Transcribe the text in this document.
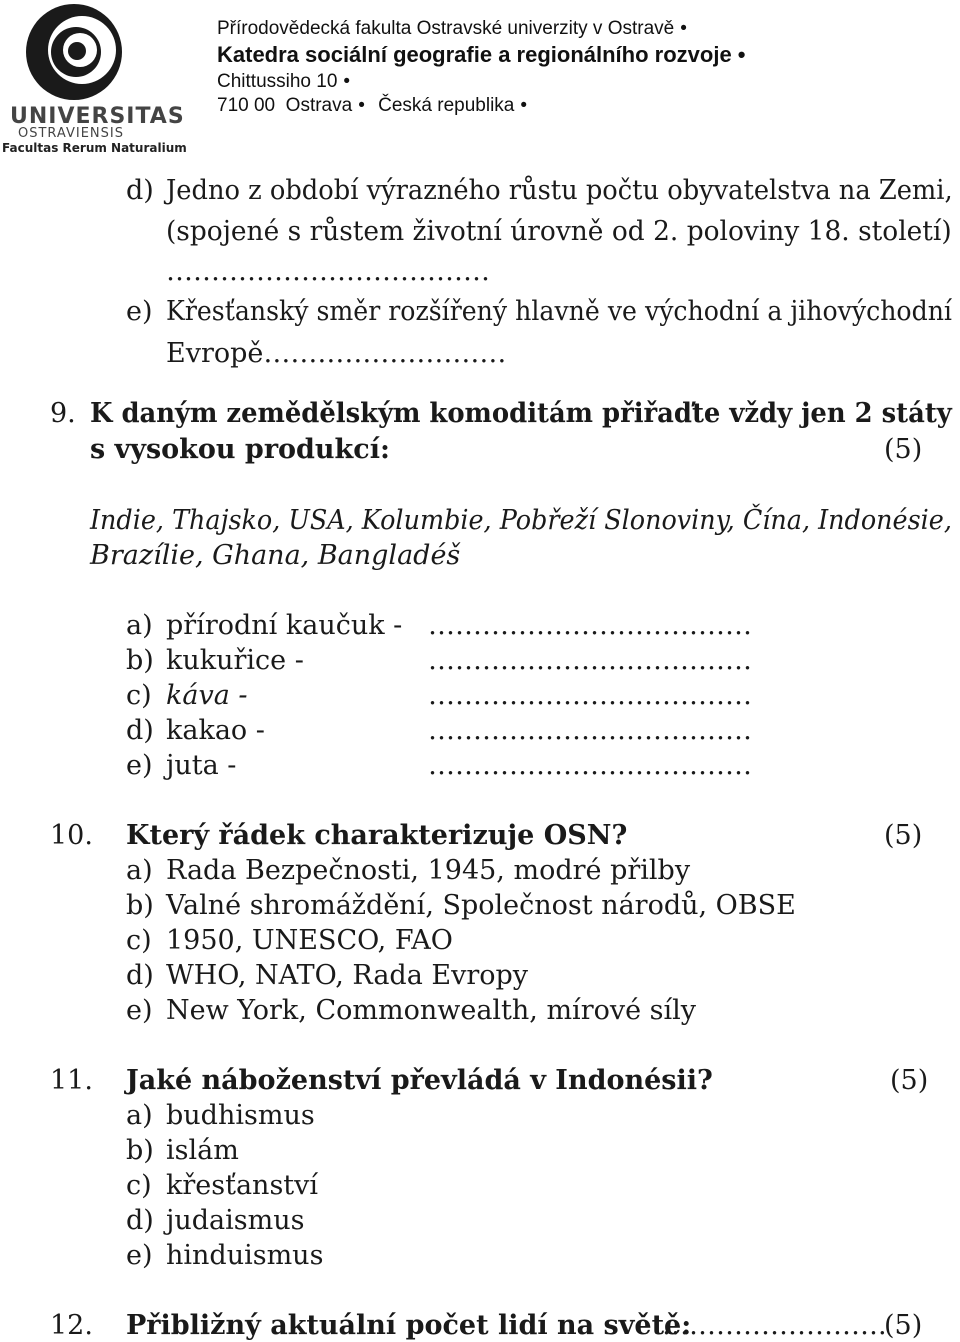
UNIVERSITAS
OSTRAVIENSIS
Facultas Rerum Naturalium
Přírodovědecká fakulta Ostravské univerzity v Ostravě •
Katedra sociální geografie a regionálního rozvoje •
Chittussiho 10 •
710 00  Ostrava • Česká republika •
d) Jedno z období výrazného růstu počtu obyvatelstva na Zemi,
(spojené s růstem životní úrovně od 2. poloviny 18. století)
………………………………
e) Křesťanský směr rozšířený hlavně ve východní a jihovýchodní
Evropě………………………
9. K daným zemědělským komoditám přiřaďte vždy jen 2 státy
s vysokou produkcí:	(5)
Indie, Thajsko, USA, Kolumbie, Pobřeží Slonoviny, Čína, Indonésie,
Brazílie, Ghana, Bangladéš
a) přírodní kaučuk - ………………………………
b) kukuřice -	………………………………
c) káva -	………………………………
d) kakao -	………………………………
e) juta -	………………………………
10. Který řádek charakterizuje OSN?	(5)
a) Rada Bezpečnosti, 1945, modré přilby
b) Valné shromáždění, Společnost národů, OBSE
c) 1950, UNESCO, FAO
d) WHO, NATO, Rada Evropy
e) New York, Commonwealth, mírové síly
11. Jaké náboženství převládá v Indonésii?	(5)
a) budhismus
b) islám
c) křesťanství
d) judaismus
e) hinduismus
12. Přibližný aktuální počet lidí na světě:
…………………….
(5)
